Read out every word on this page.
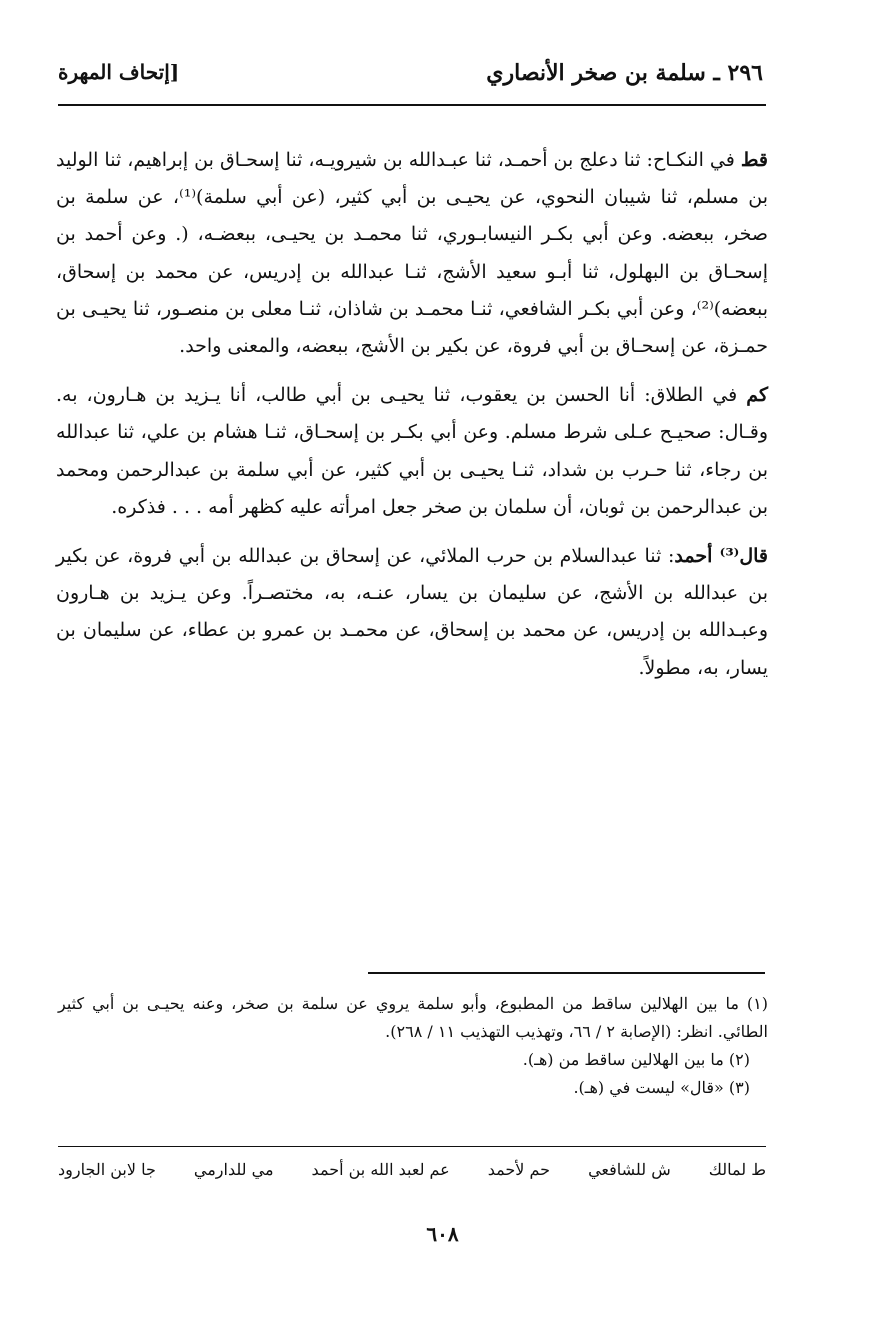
٢٩٦ ـ سلمة بن صخر الأنصاري
[إتحاف المهرة

قط في النكـاح: ثنا دعلج بن أحمـد، ثنا عبـدالله بن شيرويـه، ثنا إسحـاق بن إبراهيم، ثنا الوليد بن مسلم، ثنا شيبان النحوي، عن يحيـى بن أبي كثير، (عن أبي سلمة)⁽¹⁾، عن سلمة بن صخر، ببعضه. وعن أبي بكـر النيسابـوري، ثنا محمـد بن يحيـى، ببعضـه، (. وعن أحمد بن إسحـاق بن البهلول، ثنا أبـو سعيد الأشج، ثنـا عبدالله بن إدريس، عن محمد بن إسحاق، ببعضه)⁽²⁾، وعن أبي بكـر الشافعي، ثنـا محمـد بن شاذان، ثنـا معلى بن منصـور، ثنا يحيـى بن حمـزة، عن إسحـاق بن أبي فروة، عن بكير بن الأشج، ببعضه، والمعنى واحد.

كم في الطلاق: أنا الحسن بن يعقوب، ثنا يحيـى بن أبي طالب، أنا يـزيد بن هـارون، به. وقـال: صحيـح عـلى شرط مسلم. وعن أبي بكـر بن إسحـاق، ثنـا هشام بن علي، ثنا عبدالله بن رجاء، ثنا حـرب بن شداد، ثنـا يحيـى بن أبي كثير، عن أبي سلمة بن عبدالرحمن ومحمد بن عبدالرحمن بن ثوبان، أن سلمان بن صخر جعل امرأته عليه كظهر أمه . . . فذكره.

قال⁽³⁾ أحمد: ثنا عبدالسلام بن حرب الملائي، عن إسحاق بن عبدالله بن أبي فروة، عن بكير بن عبدالله بن الأشج، عن سليمان بن يسار، عنـه، به، مختصـراً. وعن يـزيد بن هـارون وعبـدالله بن إدريس، عن محمد بن إسحاق، عن محمـد بن عمرو بن عطاء، عن سليمان بن يسار، به، مطولاً.

(١) ما بين الهلالين ساقط من المطبوع، وأبو سلمة يروي عن سلمة بن صخر، وعنه يحيـى بن أبي كثير الطائي. انظر: (الإصابة ٢ / ٦٦، وتهذيب التهذيب ١١ / ٢٦٨).

(٢) ما بين الهلالين ساقط من (هـ).

(٣) «قال» ليست في (هـ).

ط لمالك
ش للشافعي
حم لأحمد
عم لعبد الله بن أحمد
مي للدارمي
جا لابن الجارود
٦٠٨
